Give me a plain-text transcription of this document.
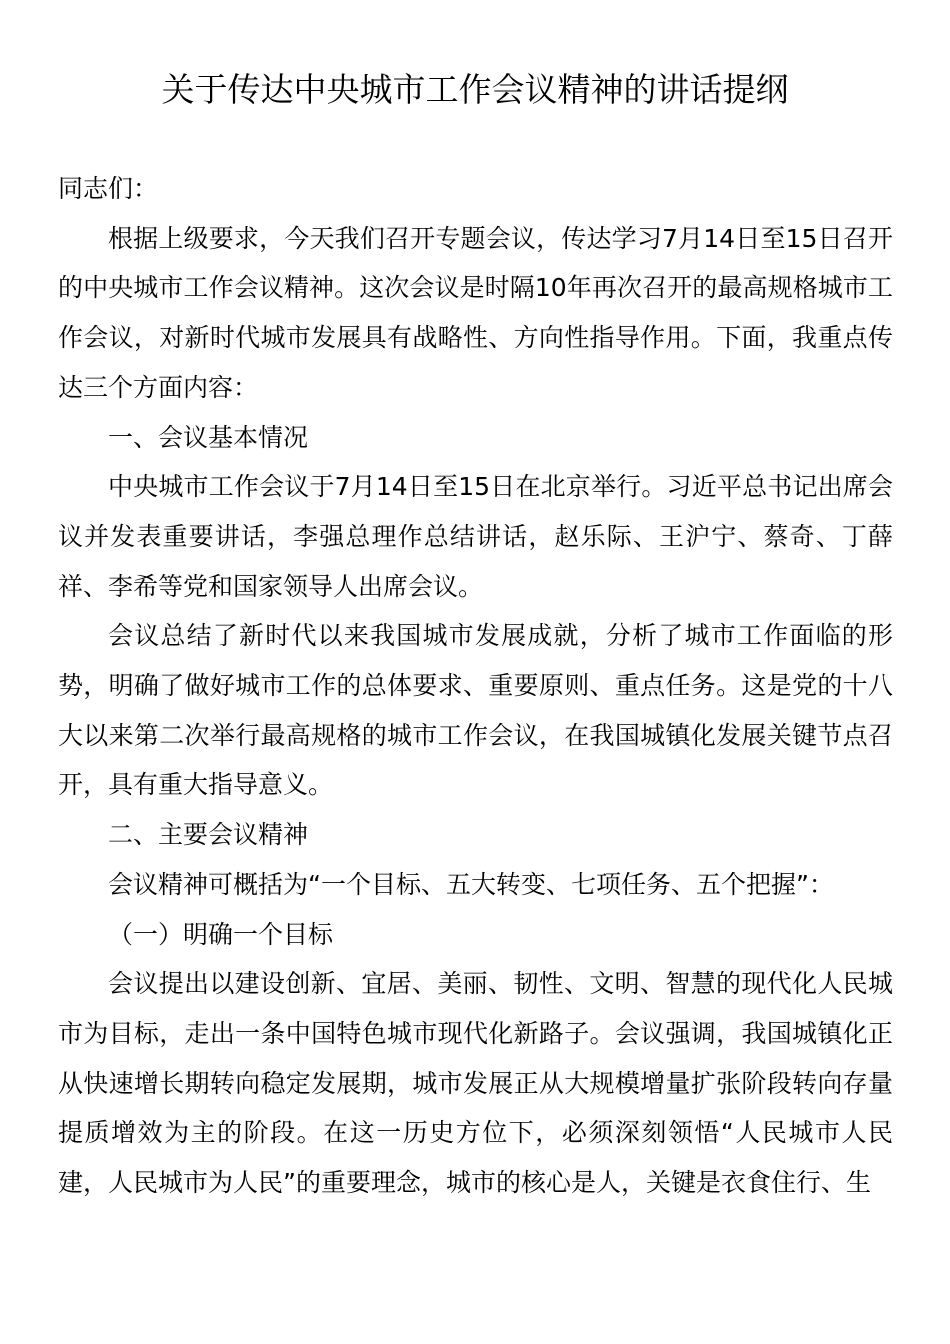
关于传达中央城市工作会议精神的讲话提纲

同志们：

根据上级要求，今天我们召开专题会议，传达学习7月14日至15日召开的中央城市工作会议精神。这次会议是时隔10年再次召开的最高规格城市工作会议，对新时代城市发展具有战略性、方向性指导作用。下面，我重点传达三个方面内容：

一、会议基本情况

中央城市工作会议于7月14日至15日在北京举行。习近平总书记出席会议并发表重要讲话，李强总理作总结讲话，赵乐际、王沪宁、蔡奇、丁薛祥、李希等党和国家领导人出席会议。

会议总结了新时代以来我国城市发展成就，分析了城市工作面临的形势，明确了做好城市工作的总体要求、重要原则、重点任务。这是党的十八大以来第二次举行最高规格的城市工作会议，在我国城镇化发展关键节点召开，具有重大指导意义。

二、主要会议精神

会议精神可概括为“一个目标、五大转变、七项任务、五个把握”：

（一）明确一个目标

会议提出以建设创新、宜居、美丽、韧性、文明、智慧的现代化人民城市为目标，走出一条中国特色城市现代化新路子。会议强调，我国城镇化正从快速增长期转向稳定发展期，城市发展正从大规模增量扩张阶段转向存量提质增效为主的阶段。在这一历史方位下，必须深刻领悟“人民城市人民建，人民城市为人民”的重要理念，城市的核心是人，关键是衣食住行、生
